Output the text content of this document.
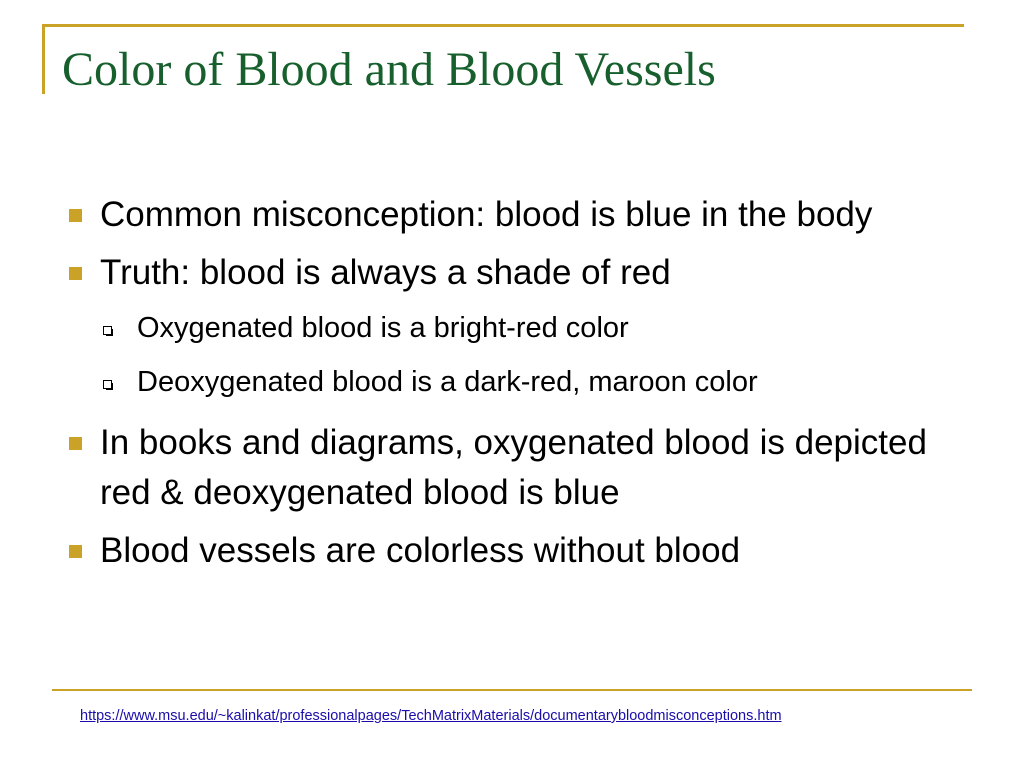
Color of Blood and Blood Vessels
Common misconception: blood is blue in the body
Truth: blood is always a shade of red
Oxygenated blood is a bright-red color
Deoxygenated blood is a dark-red, maroon color
In books and diagrams, oxygenated blood is depicted red & deoxygenated blood is blue
Blood vessels are colorless without blood
https://www.msu.edu/~kalinkat/professionalpages/TechMatrixMaterials/documentarybloodmisconceptions.htm
